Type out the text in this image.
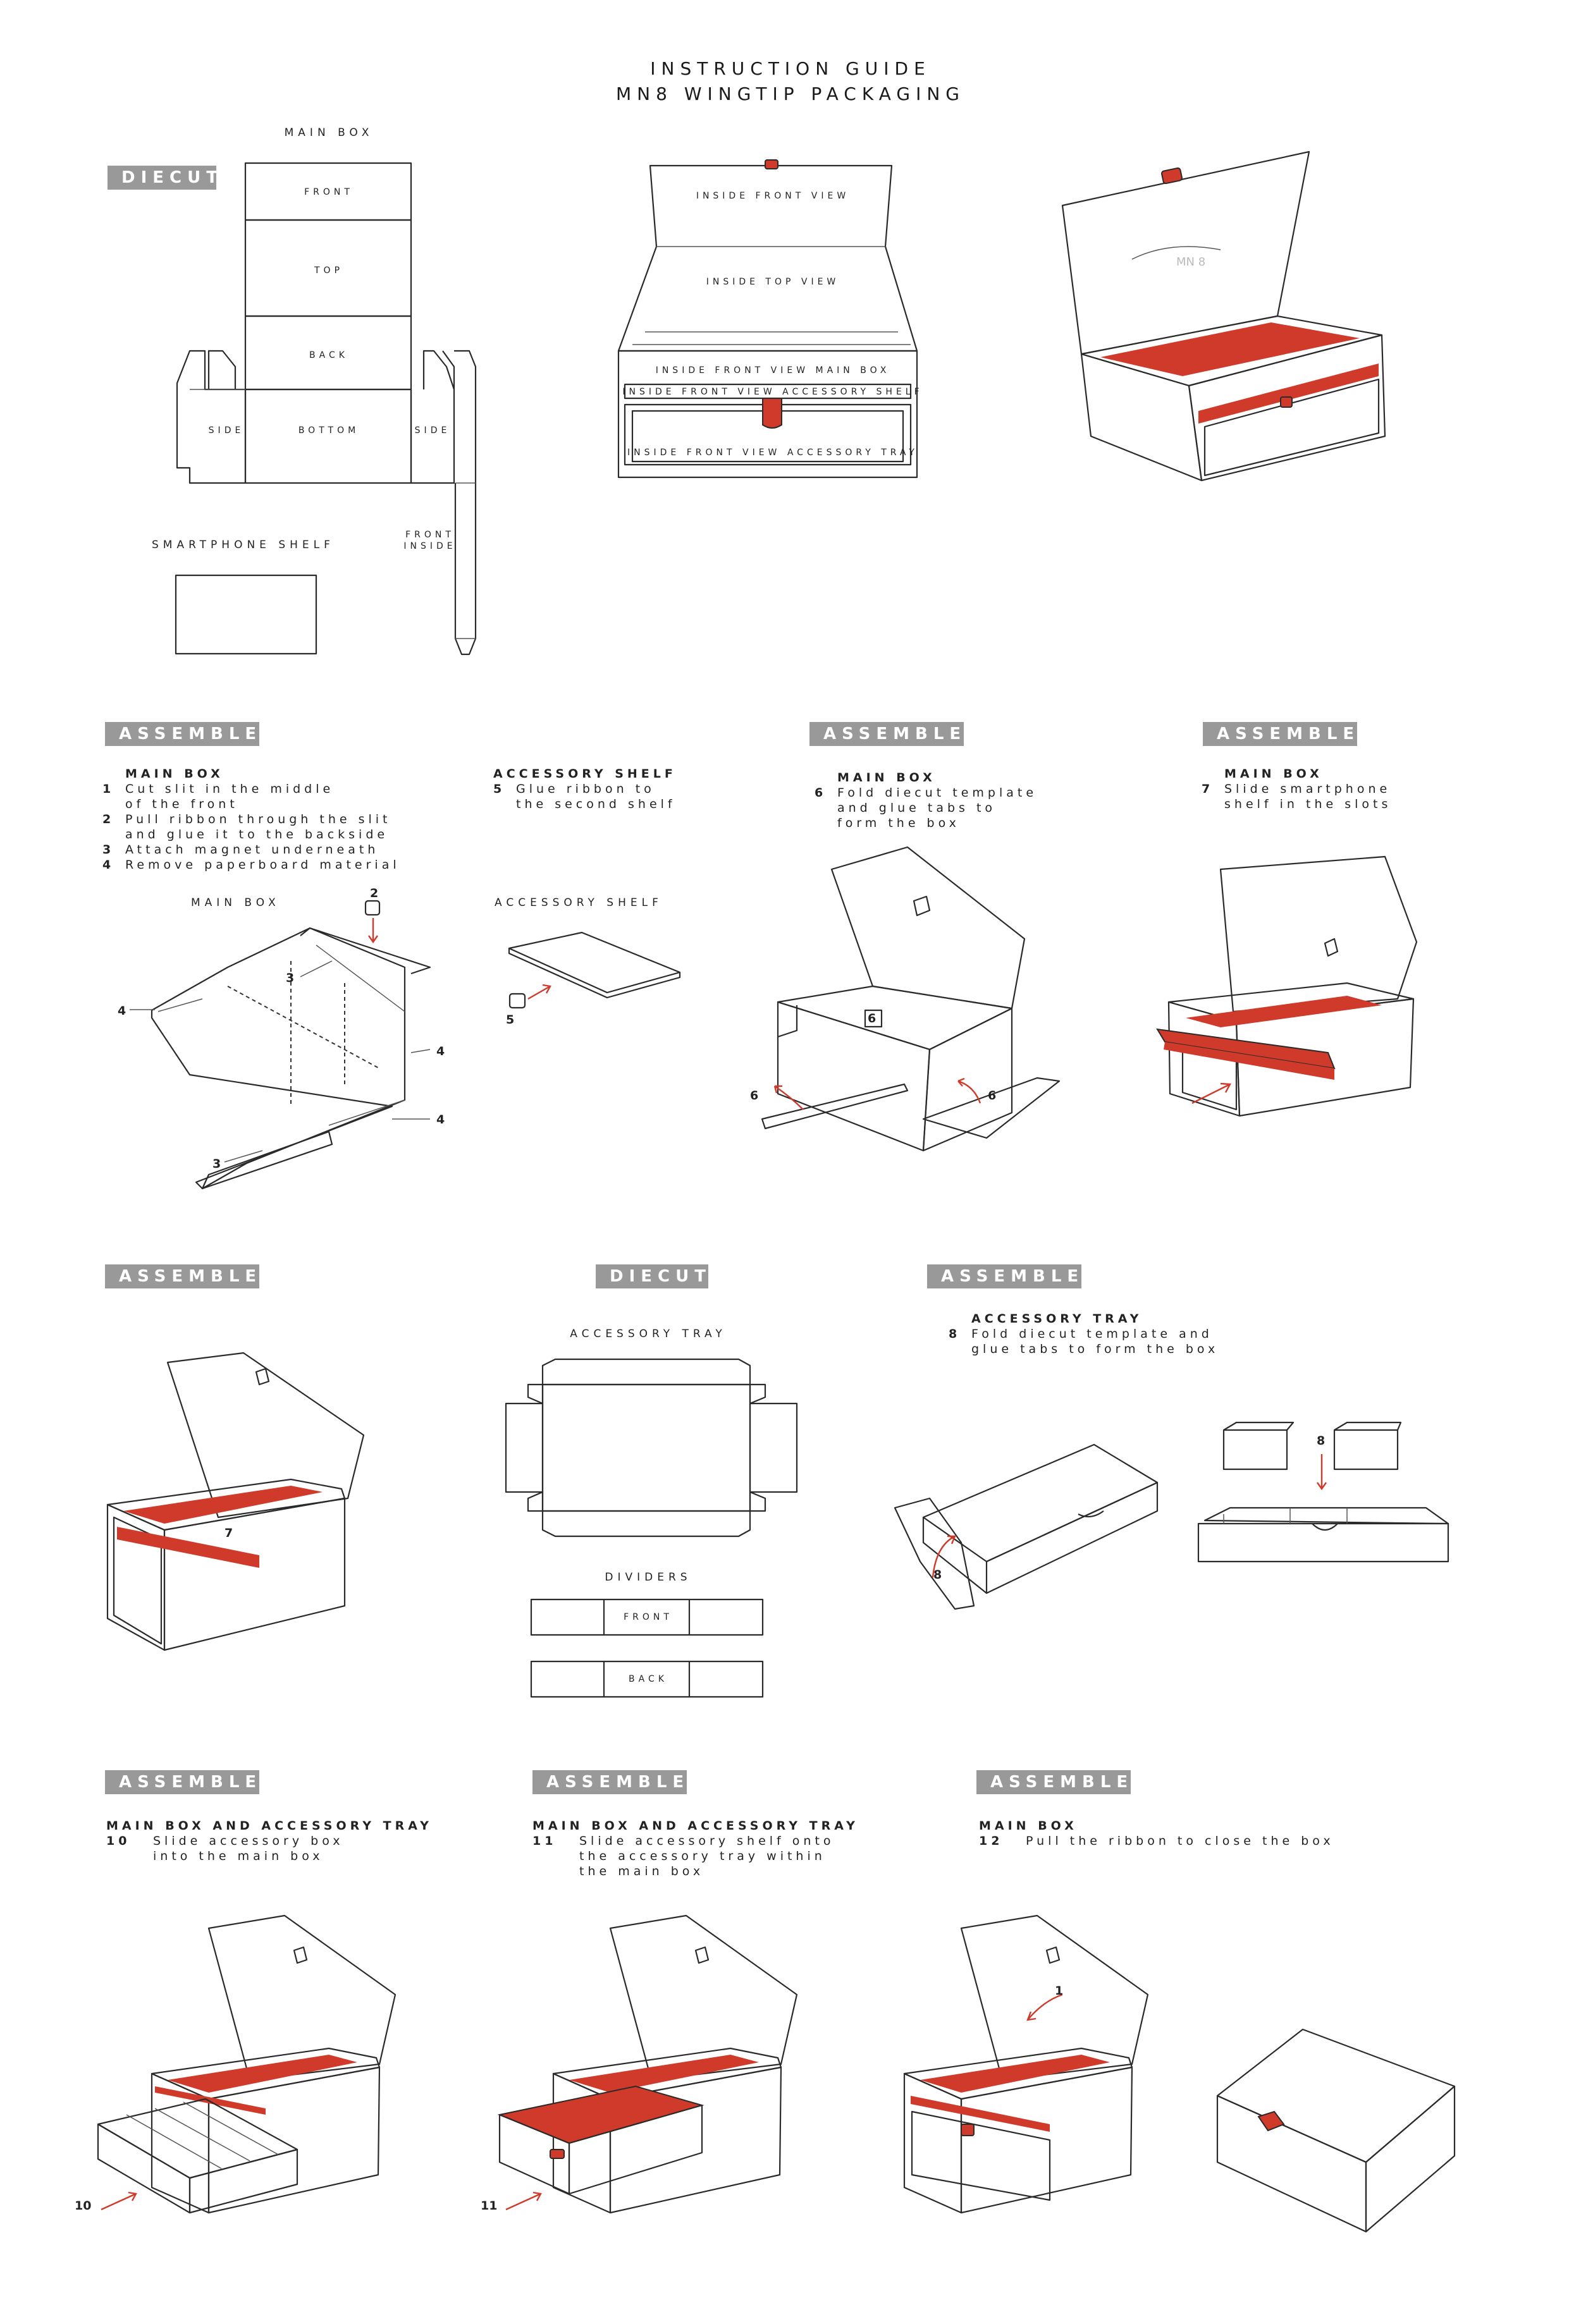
INSTRUCTION GUIDE
MN8 WINGTIP PACKAGING
DIECUT
MAIN BOX
FRONT
TOP
BACK
BOTTOM
SIDE	SIDE
FRONT
INSIDE
SMARTPHONE SHELF
INSIDE FRONT VIEW
INSIDE TOP VIEW
INSIDE FRONT VIEW MAIN BOX
INSIDE FRONT VIEW ACCESSORY SHELF
INSIDE FRONT VIEW ACCESSORY TRAY
MN 8
ASSEMBLE
MAIN BOX
1 Cut slit in the middle
of the front
2 Pull ribbon through the slit
and glue it to the backside
3 Attach magnet underneath
4 Remove paperboard material
ACCESSORY SHELF
5 Glue ribbon to
the second shelf
ASSEMBLE
MAIN BOX
6 Fold diecut template
and glue tabs to
form the box
ASSEMBLE
MAIN BOX
7 Slide smartphone
shelf in the slots
MAIN BOX	ACCESSORY SHELF
2
3
4
4
4
3
5	6
6	6
ASSEMBLE	DIECUT	ASSEMBLE
7
ACCESSORY TRAY
DIVIDERS
FRONT
BACK
ACCESSORY TRAY
8 Fold diecut template and
glue tabs to form the box
8
8
ASSEMBLE	ASSEMBLE	ASSEMBLE
MAIN BOX AND ACCESSORY TRAY
10	Slide accessory box
into the main box
MAIN BOX AND ACCESSORY TRAY
11	Slide accessory shelf onto
the accessory tray within
the main box
MAIN BOX
12	Pull the ribbon to close the box
10	11
1
